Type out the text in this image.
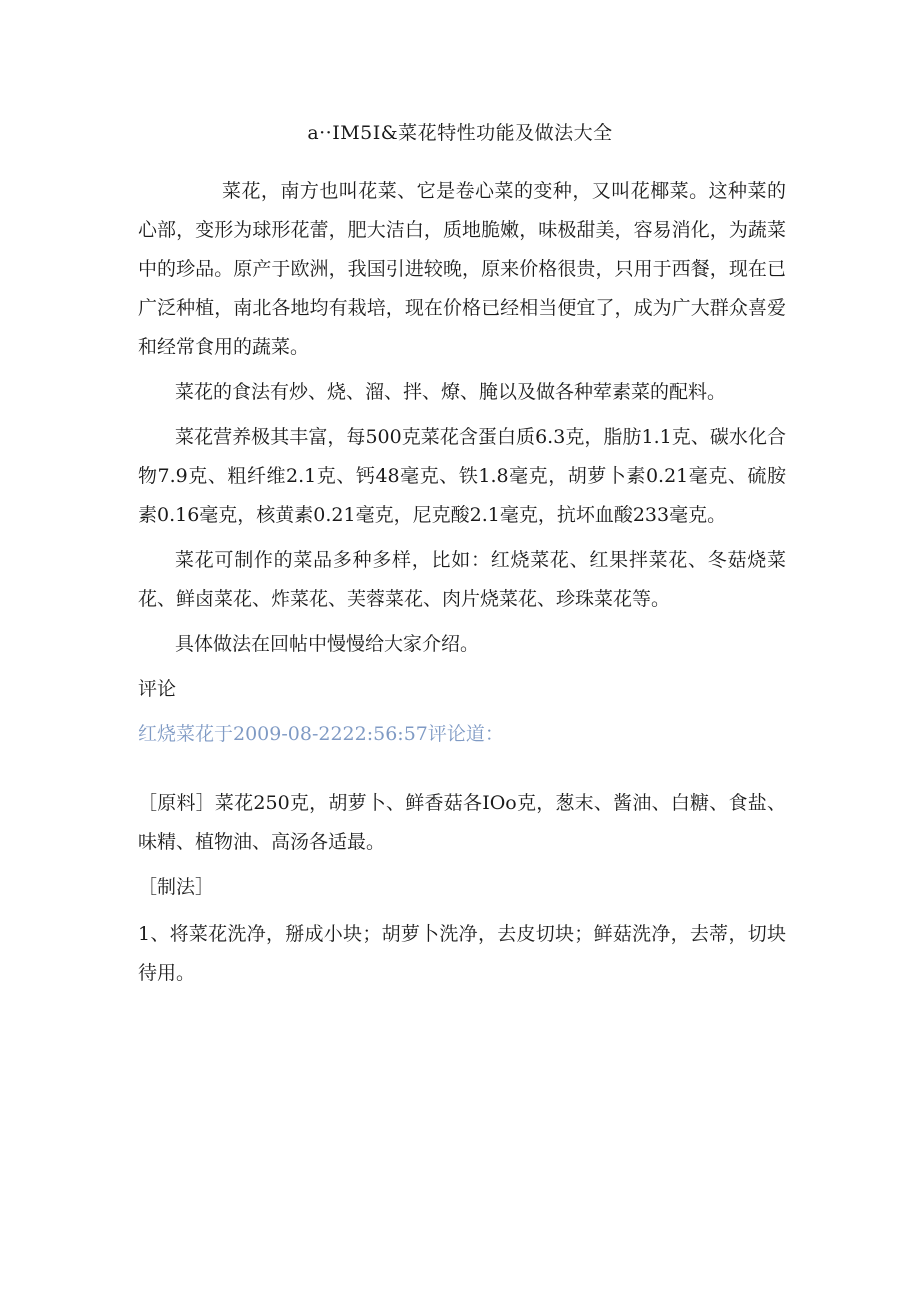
a··IM5I&菜花特性功能及做法大全

菜花，南方也叫花菜、它是卷心菜的变种，又叫花椰菜。这种菜的心部，变形为球形花蕾，肥大洁白，质地脆嫩，味极甜美，容易消化，为蔬菜中的珍品。原产于欧洲，我国引进较晚，原来价格很贵，只用于西餐，现在已广泛种植，南北各地均有栽培，现在价格已经相当便宜了，成为广大群众喜爱和经常食用的蔬菜。

菜花的食法有炒、烧、溜、拌、燎、腌以及做各种荤素菜的配料。

菜花营养极其丰富，每500克菜花含蛋白质6.3克，脂肪1.1克、碳水化合物7.9克、粗纤维2.1克、钙48毫克、铁1.8毫克，胡萝卜素0.21毫克、硫胺素0.16毫克，核黄素0.21毫克，尼克酸2.1毫克，抗坏血酸233毫克。

菜花可制作的菜品多种多样，比如：红烧菜花、红果拌菜花、冬菇烧菜花、鲜卤菜花、炸菜花、芙蓉菜花、肉片烧菜花、珍珠菜花等。

具体做法在回帖中慢慢给大家介绍。

评论

红烧菜花于2009-08-2222:56:57评论道：

［原料］菜花250克，胡萝卜、鲜香菇各IOo克，葱末、酱油、白糖、食盐、味精、植物油、高汤各适最。

［制法］

1、将菜花洗净，掰成小块；胡萝卜洗净，去皮切块；鲜菇洗净，去蒂，切块待用。
